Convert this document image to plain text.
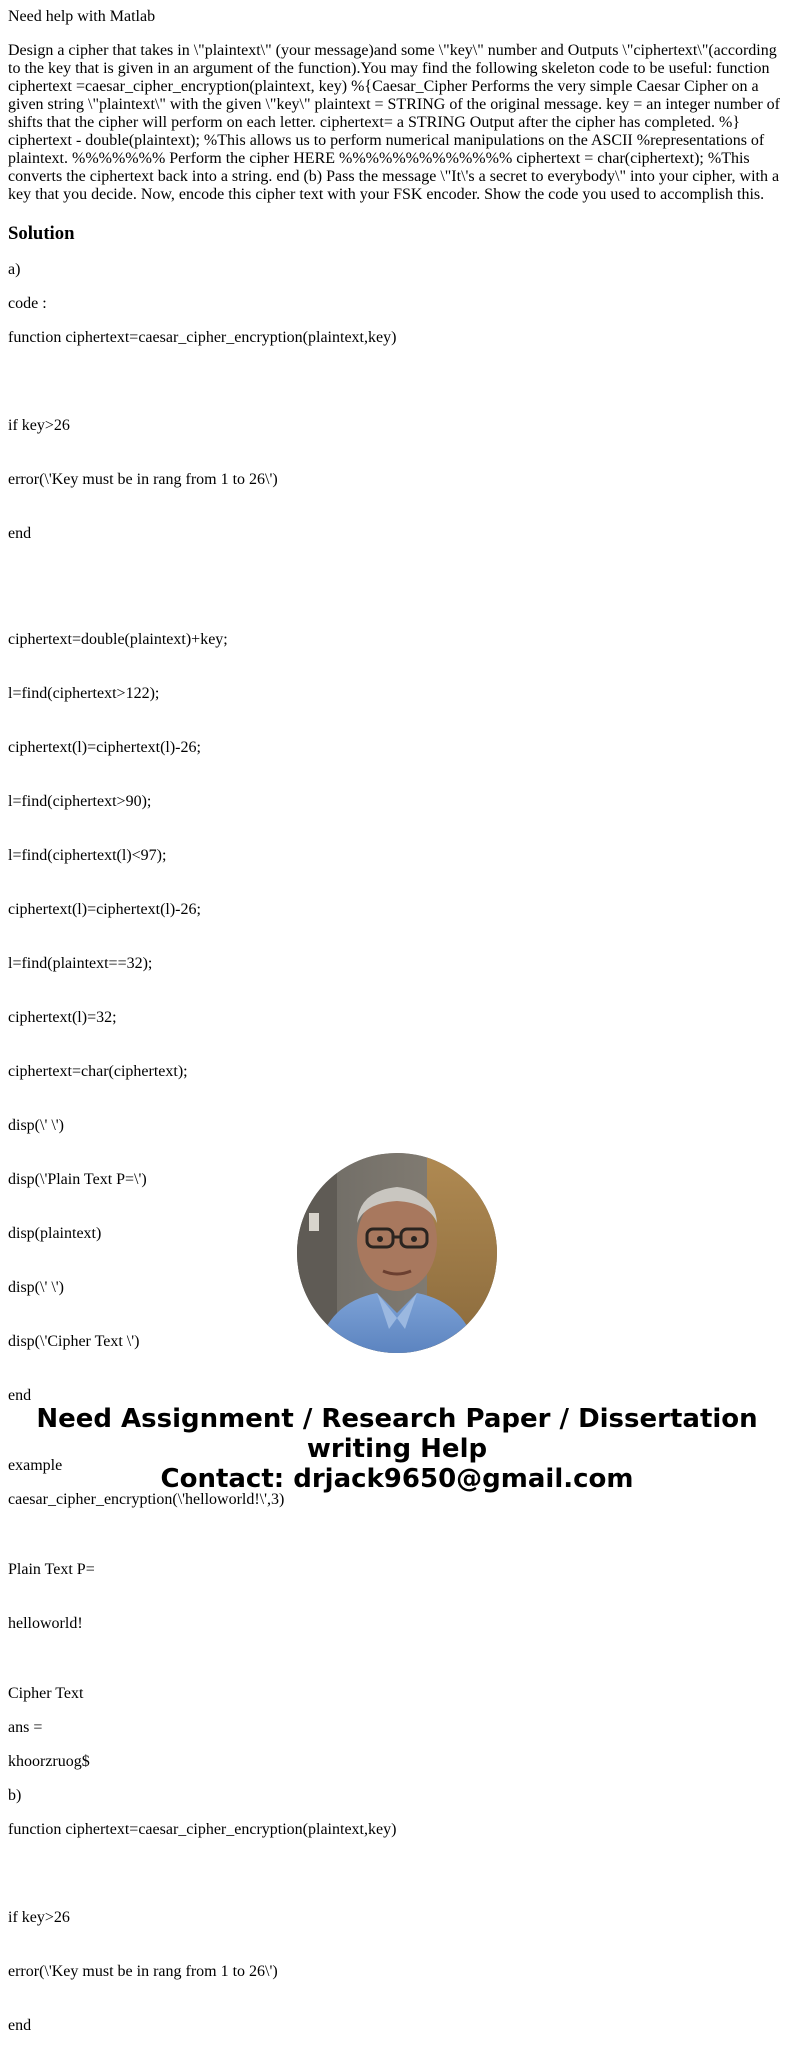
Need help with Matlab
Design a cipher that takes in \"plaintext\" (your message)and some \"key\" number and Outputs \"ciphertext\"(according to the key that is given in an argument of the function).You may find the following skeleton code to be useful: function ciphertext =caesar_cipher_encryption(plaintext, key) %{Caesar_Cipher Performs the very simple Caesar Cipher on a given string \"plaintext\" with the given \"key\" plaintext = STRING of the original message. key = an integer number of shifts that the cipher will perform on each letter. ciphertext= a STRING Output after the cipher has completed. %} ciphertext - double(plaintext); %This allows us to perform numerical manipulations on the ASCII %representations of plaintext. %%%%%%% Perform the cipher HERE %%%%%%%%%%%%% ciphertext = char(ciphertext); %This converts the ciphertext back into a string. end (b) Pass the message \"It\'s a secret to everybody\" into your cipher, with a key that you decide. Now, encode this cipher text with your FSK encoder. Show the code you used to accomplish this.
Solution
a)
code :
function ciphertext=caesar_cipher_encryption(plaintext,key)

if key>26

error(\'Key must be in rang from 1 to 26\')

end

ciphertext=double(plaintext)+key;

l=find(ciphertext>122);

ciphertext(l)=ciphertext(l)-26;

l=find(ciphertext>90);

l=find(ciphertext(l)<97);

ciphertext(l)=ciphertext(l)-26;

l=find(plaintext==32);

ciphertext(l)=32;

ciphertext=char(ciphertext);

disp(\' \')

disp(\'Plain Text P=\')

disp(plaintext)

disp(\' \')

disp(\'Cipher Text \')

end

example
caesar_cipher_encryption(\'helloworld!\',3)

Plain Text P=

helloworld!

Cipher Text
ans =
khoorzruog$
b)
function ciphertext=caesar_cipher_encryption(plaintext,key)

if key>26

error(\'Key must be in rang from 1 to 26\')

end

Need Assignment / Research Paper / Dissertation
writing Help
Contact: drjack9650@gmail.com
